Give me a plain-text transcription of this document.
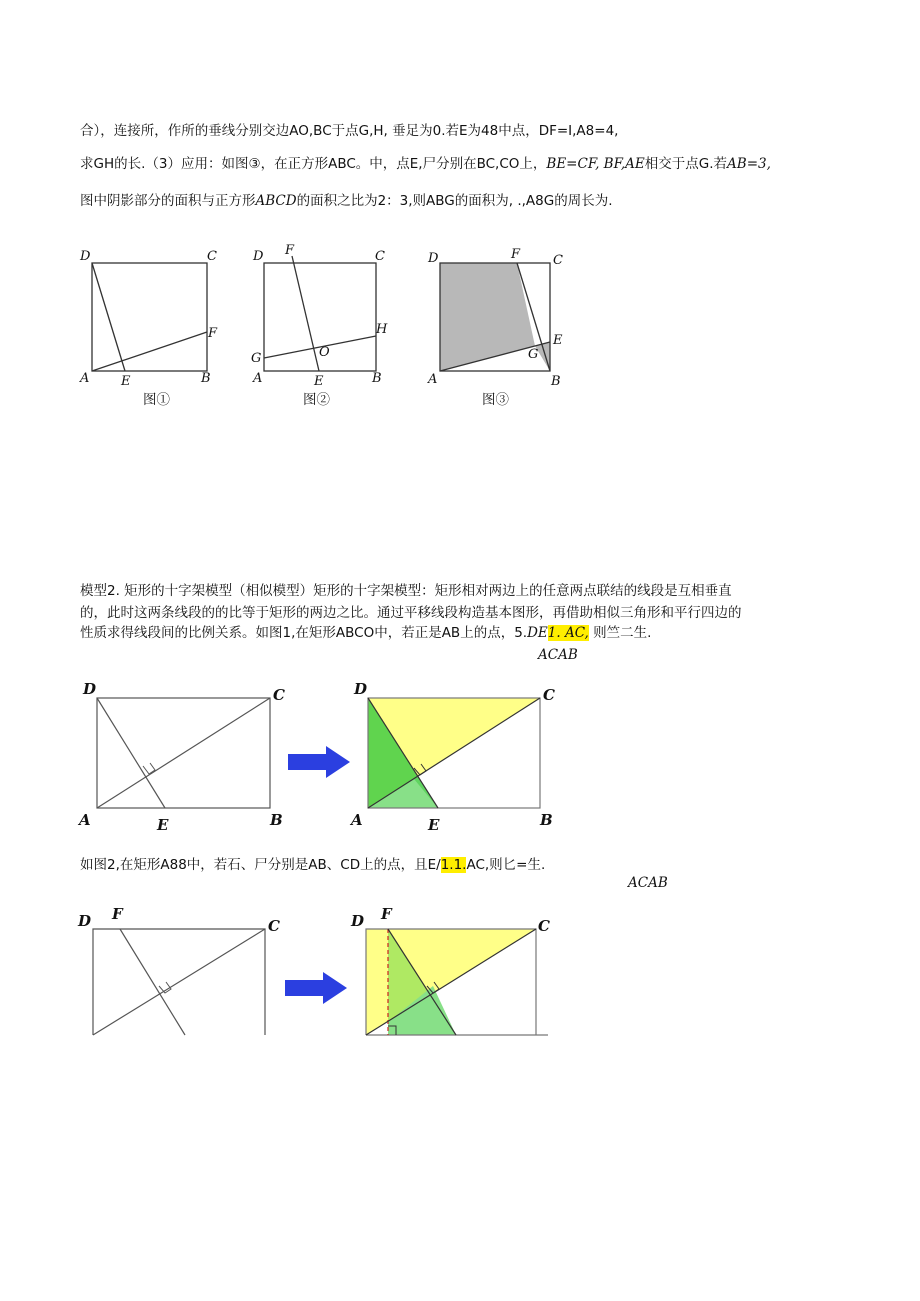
合），连接所，作所的垂线分别交边AO,BC于点G,H, 垂足为0.若E为48中点，DF=I,A8=4,
求GH的长.（3）应用：如图③，在正方形ABC。中，点E,尸分别在BC,CO上，BE=CF, BF,AE相交于点G.若AB=3,
图中阴影部分的面积与正方形ABCD的面积之比为2：3,则ABG的面积为, .,A8G的周长为.
D	C
A	B
E
F
图①
D	C
F
G
H
O
A	B
E
图②
D	C
F
E
G
A	B
图③
模型2. 矩形的十字架模型（相似模型）矩形的十字架模型：矩形相对两边上的任意两点联结的线段是互相垂直
的，此时这两条线段的的比等于矩形的两边之比。通过平移线段构造基本图形，再借助相似三角形和平行四边的
性质求得线段间的比例关系。如图1,在矩形ABCO中，若正是AB上的点，5.DE1. AC, 则竺二生.
ACAB
D	C
A	B
E
D	C
A	B
E
如图2,在矩形A88中，若石、尸分别是AB、CD上的点，且E/1.1.AC,则匕=生.
ACAB
D F
C	D F
C
